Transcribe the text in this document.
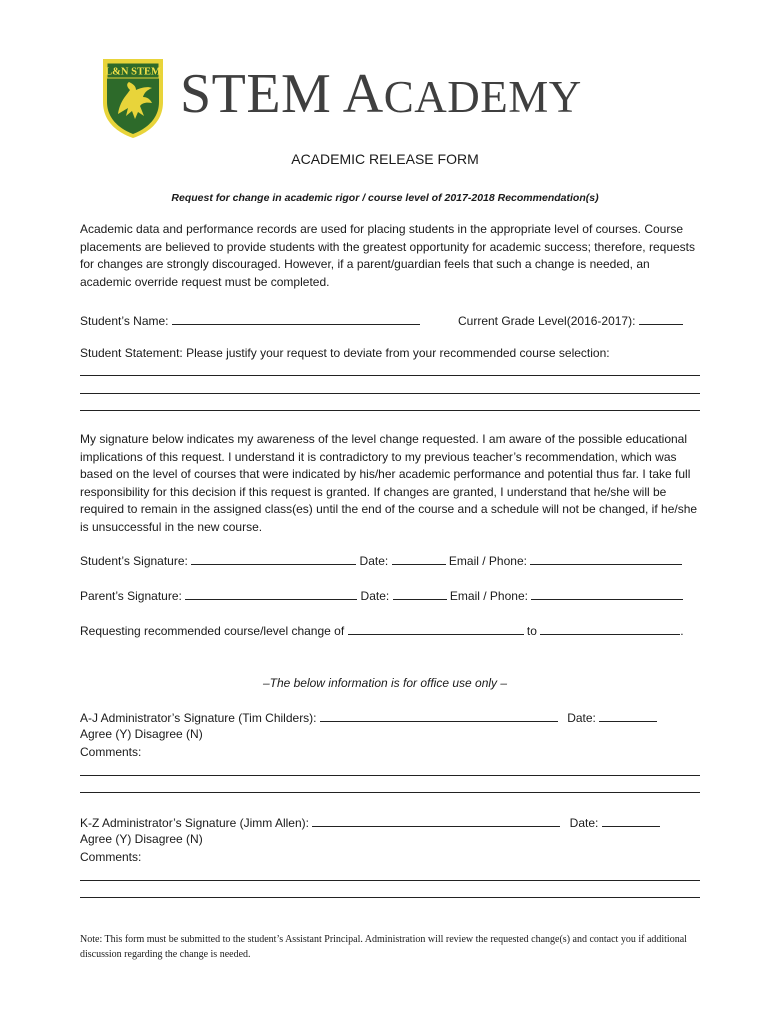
L&N STEM STEM ACADEMY
ACADEMIC RELEASE FORM
Request for change in academic rigor / course level of 2017-2018 Recommendation(s)
Academic data and performance records are used for placing students in the appropriate level of courses. Course placements are believed to provide students with the greatest opportunity for academic success; therefore, requests for changes are strongly discouraged. However, if a parent/guardian feels that such a change is needed, an academic override request must be completed.
Student’s Name:	Current Grade Level(2016-2017):
Student Statement: Please justify your request to deviate from your recommended course selection:
My signature below indicates my awareness of the level change requested. I am aware of the possible educational implications of this request. I understand it is contradictory to my previous teacher’s recommendation, which was based on the level of courses that were indicated by his/her academic performance and potential thus far. I take full responsibility for this decision if this request is granted. If changes are granted, I understand that he/she will be required to remain in the assigned class(es) until the end of the course and a schedule will not be changed, if he/she is unsuccessful in the new course.
Student’s Signature:	Date:	Email / Phone:
Parent’s Signature:	Date:	Email / Phone:
Requesting recommended course/level change of	to	.
–The below information is for office use only –
A-J Administrator’s Signature (Tim Childers):	Date:
Agree (Y) Disagree (N)
Comments:
K-Z Administrator’s Signature (Jimm Allen):	Date:
Agree (Y) Disagree (N)
Comments:
Note: This form must be submitted to the student’s Assistant Principal. Administration will review the requested change(s) and contact you if additional discussion regarding the change is needed.
